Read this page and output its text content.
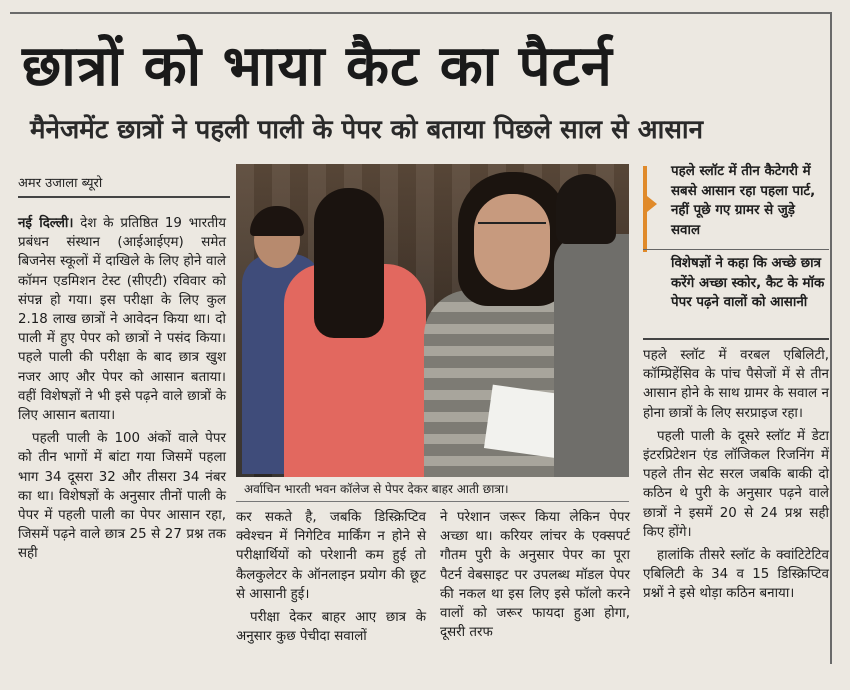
छात्रों को भाया कैट का पैटर्न
मैनेजमेंट छात्रों ने पहली पाली के पेपर को बताया पिछले साल से आसान
अमर उजाला ब्यूरो

नई दिल्ली। देश के प्रतिष्ठित 19 भारतीय प्रबंधन संस्थान (आईआईएम) समेत बिजनेस स्कूलों में दाखिले के लिए होने वाले कॉमन एडमिशन टेस्ट (सीएटी) रविवार को संपन्न हो गया। इस परीक्षा के लिए कुल 2.18 लाख छात्रों ने आवेदन किया था। दो पाली में हुए पेपर को छात्रों ने पसंद किया। पहले पाली की परीक्षा के बाद छात्र खुश नजर आए और पेपर को आसान बताया। वहीं विशेषज्ञों ने भी इसे पढ़ने वाले छात्रों के लिए आसान बताया।

पहली पाली के 100 अंकों वाले पेपर को तीन भागों में बांटा गया जिसमें पहला भाग 34 दूसरा 32 और तीसरा 34 नंबर का था। विशेषज्ञों के अनुसार तीनों पाली के पेपर में पहली पाली का पेपर आसान रहा, जिसमें पढ़ने वाले छात्र 25 से 27 प्रश्न तक सही

अर्वाचिन भारती भवन कॉलेज से पेपर देकर बाहर आती छात्रा।
पहले स्लॉट में तीन कैटेगरी में सबसे आसान रहा पहला पार्ट, नहीं पूछे गए ग्रामर से जुड़े सवाल
विशेषज्ञों ने कहा कि अच्छे छात्र करेंगे अच्छा स्कोर, कैट के मॉक पेपर पढ़ने वालों को आसानी

कर सकते है, जबकि डिस्क्रिप्टिव क्वेश्चन में निगेटिव मार्किंग न होने से परीक्षार्थियों को परेशानी कम हुई तो कैलकुलेटर के ऑनलाइन प्रयोग की छूट से आसानी हुई।

परीक्षा देकर बाहर आए छात्र के अनुसार कुछ पेचीदा सवालों

ने परेशान जरूर किया लेकिन पेपर अच्छा था। करियर लांचर के एक्सपर्ट गौतम पुरी के अनुसार पेपर का पूरा पैटर्न वेबसाइट पर उपलब्ध मॉडल पेपर की नकल था इस लिए इसे फॉलो करने वालों को जरूर फायदा हुआ होगा, दूसरी तरफ

पहले स्लॉट में वरबल एबिलिटी, कॉम्प्रिहेंसिव के पांच पैसेजों में से तीन आसान होने के साथ ग्रामर के सवाल न होना छात्रों के लिए सरप्राइज रहा।

पहली पाली के दूसरे स्लॉट में डेटा इंटरप्रिटेशन एंड लॉजिकल रिजनिंग में पहले तीन सेट सरल जबकि बाकी दो कठिन थे पुरी के अनुसार पढ़ने वाले छात्रों ने इसमें 20 से 24 प्रश्न सही किए होंगे।

हालांकि तीसरे स्लॉट के क्वांटिटेटिव एबिलिटी के 34 व 15 डिस्क्रिप्टिव प्रश्नों ने इसे थोड़ा कठिन बनाया।
